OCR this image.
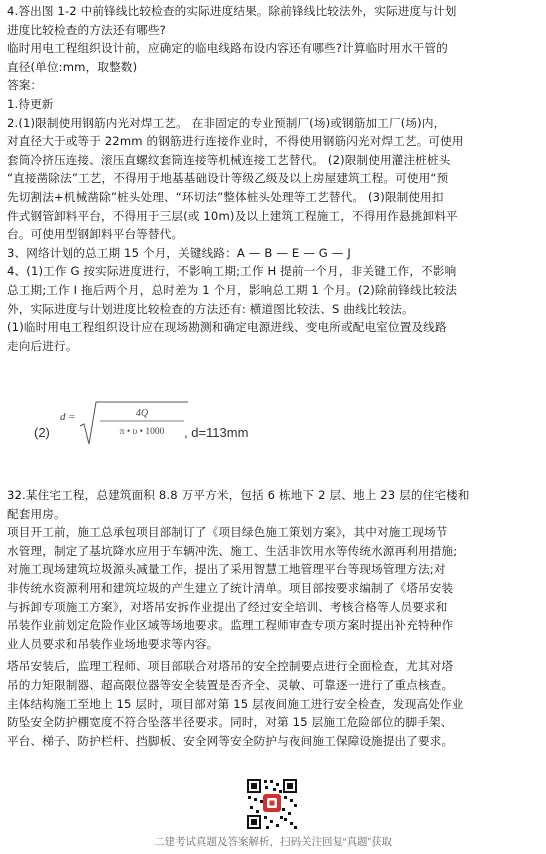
4.答出图 1-2 中前锋线比较检查的实际进度结果。除前锋线比较法外，实际进度与计划

进度比较检查的方法还有哪些?

临时用电工程组织设计前，应确定的临电线路布设内容还有哪些?计算临时用水干管的

直径(单位:mm，取整数)

答案：

1.待更新

2.(1)限制使用钢筋内光对焊工艺。 在非固定的专业预制厂(场)或钢筋加工厂(场)内，

对直径大于或等于 22mm 的钢筋进行连接作业时，不得使用钢筋闪光对焊工艺。可使用

套筒冷挤压连接、滚压直螺纹套筒连接等机械连接工艺替代。 (2)限制使用灌注桩桩头

“直接凿除法”工艺，不得用于地基基础设计等级乙级及以上房屋建筑工程。可使用“预

先切割法+机械凿除”桩头处理、“环切法”整体桩头处理等工艺替代。 (3)限制使用扣

件式钢管卸料平台，不得用于三层(或 10m)及以上建筑工程施工，不得用作悬挑卸料平

台。可使用型钢卸料平台等替代。

3、网络计划的总工期 15 个月，关键线路：A — B — E — G — J

4、(1)工作 G 按实际进度进行，不影响工期;工作 H 提前一个月，非关键工作，不影响

总工期;工作 I 拖后两个月，总时差为 1 个月，影响总工期 1 个月。(2)除前锋线比较法

外，实际进度与计划进度比较检查的方法还有: 横道图比较法、S 曲线比较法。

(1)临时用电工程组织设计应在现场勘测和确定电源进线、变电所或配电室位置及线路

走向后进行。

(2)
d =	4Q
π • υ • 1000 , d=113mm

32.某住宅工程，总建筑面积 8.8 万平方米，包括 6 栋地下 2 层、地上 23 层的住宅楼和

配套用房。

项目开工前，施工总承包项目部制订了《项目绿色施工策划方案》，其中对施工现场节

水管理，制定了基坑降水应用于车辆冲洗、施工、生活非饮用水等传统水源再利用措施;

对施工现场建筑垃圾源头减量工作，提出了采用智慧工地管理平台等现场管理方法;对

非传统水资源利用和建筑垃圾的产生建立了统计清单。项目部按要求编制了《塔吊安装

与拆卸专项施工方案》，对塔吊安拆作业提出了经过安全培训、考核合格等人员要求和

吊装作业前划定危险作业区域等场地要求。监理工程师审查专项方案时提出补充特种作

业人员要求和吊装作业场地要求等内容。

塔吊安装后，监理工程师、项目部联合对塔吊的安全控制要点进行全面检查，尤其对塔

吊的力矩限制器、超高限位器等安全装置是否齐全、灵敏、可靠逐一进行了重点核查。

主体结构施工至地上 15 层时，项目部对第 15 层夜间施工进行安全检查，发现高处作业

防坠安全防护棚宽度不符合坠落半径要求。同时，对第 15 层施工危险部位的脚手架、

平台、梯子、防护栏杆、挡脚板、安全网等安全防护与夜间施工保障设施提出了要求。

二建考试真题及答案解析，扫码关注回复“真题”获取
